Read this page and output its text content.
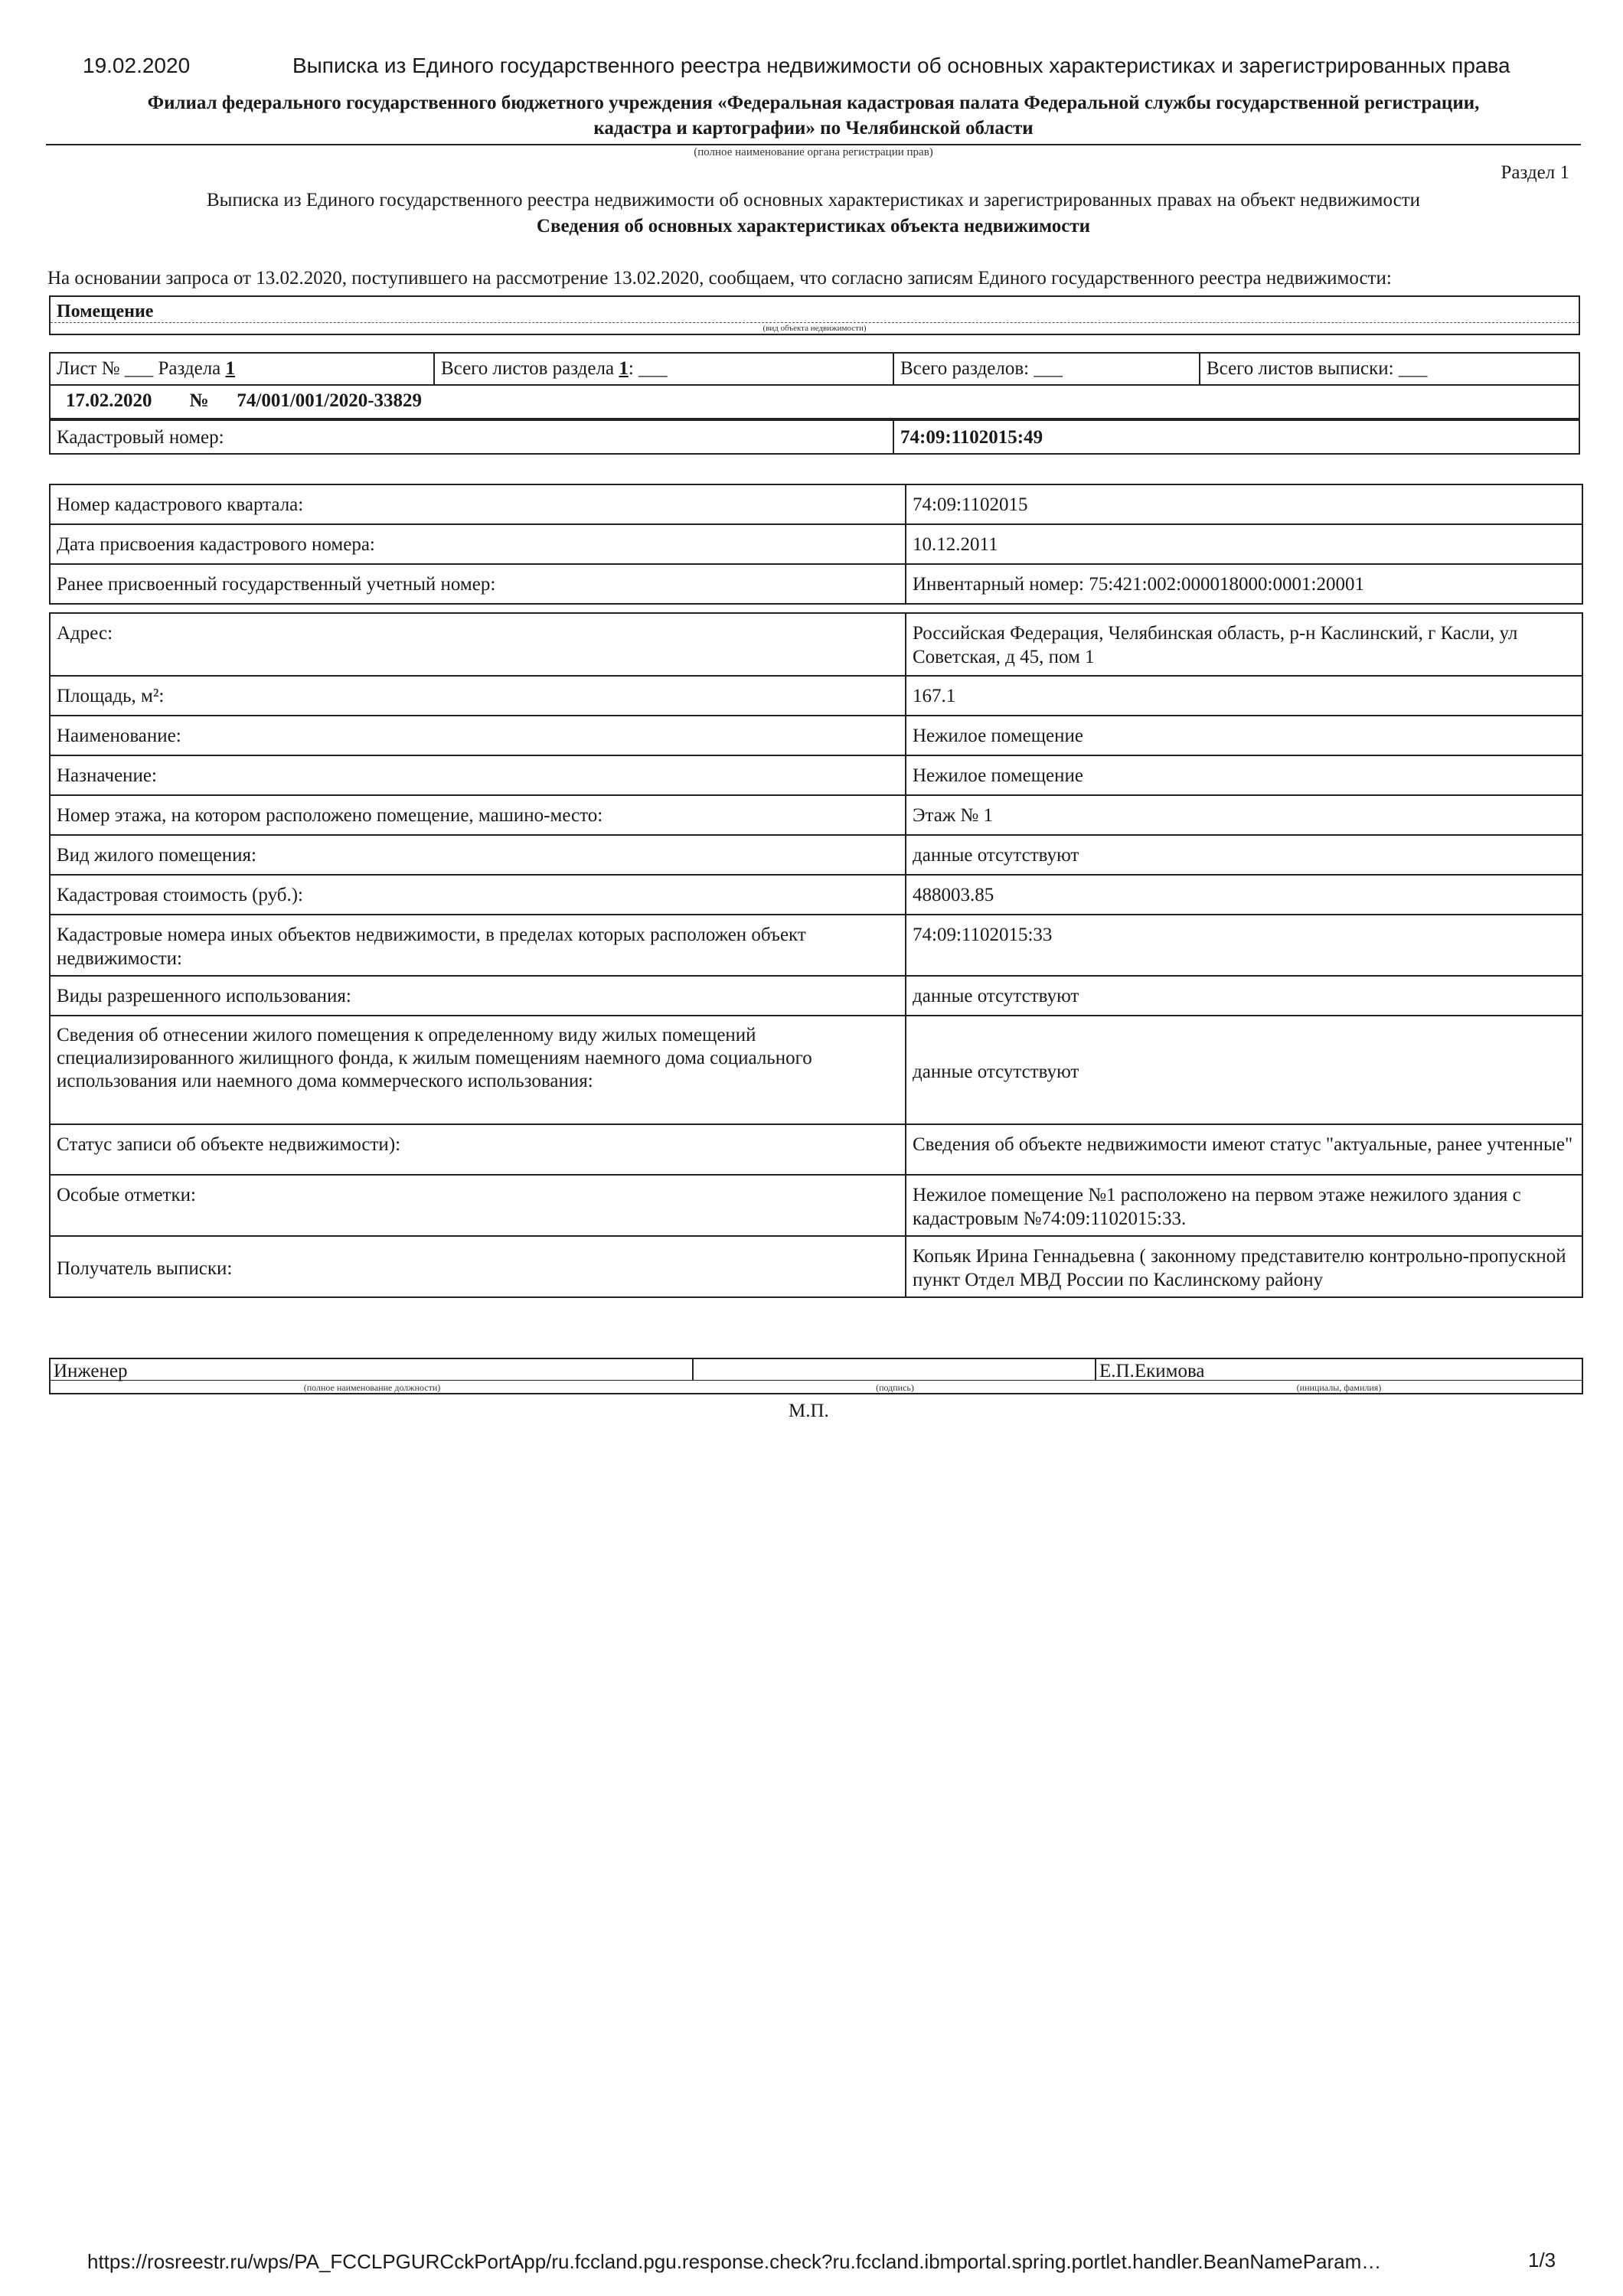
19.02.2020	Выписка из Единого государственного реестра недвижимости об основных характеристиках и зарегистрированных права
Филиал федерального государственного бюджетного учреждения «Федеральная кадастровая палата Федеральной службы государственной регистрации,
кадастра и картографии» по Челябинской области
(полное наименование органа регистрации прав)
Раздел 1
Выписка из Единого государственного реестра недвижимости об основных характеристиках и зарегистрированных правах на объект недвижимости
Сведения об основных характеристиках объекта недвижимости
На основании запроса от 13.02.2020, поступившего на рассмотрение 13.02.2020, сообщаем, что согласно записям Единого государственного реестра недвижимости:
Помещение
(вид объекта недвижимости)
Лист № ___ Раздела 1	Всего листов раздела 1: ___	Всего разделов: ___	Всего листов выписки: ___
17.02.2020 № 74/001/001/2020-33829
Кадастровый номер:	74:09:1102015:49
Номер кадастрового квартала:	74:09:1102015
Дата присвоения кадастрового номера:	10.12.2011
Ранее присвоенный государственный учетный номер:	Инвентарный номер: 75:421:002:000018000:0001:20001

Адрес:	Российская Федерация, Челябинская область, р-н Каслинский, г Касли, ул Советская, д 45, пом 1
Площадь, м²:	167.1
Наименование:	Нежилое помещение
Назначение:	Нежилое помещение
Номер этажа, на котором расположено помещение, машино-место:	Этаж № 1
Вид жилого помещения:	данные отсутствуют
Кадастровая стоимость (руб.):	488003.85
Кадастровые номера иных объектов недвижимости, в пределах которых расположен объект недвижимости:	74:09:1102015:33
Виды разрешенного использования:	данные отсутствуют
Сведения об отнесении жилого помещения к определенному виду жилых помещений специализированного жилищного фонда, к жилым помещениям наемного дома социального использования или наемного дома коммерческого использования:	данные отсутствуют
Статус записи об объекте недвижимости):	Сведения об объекте недвижимости имеют статус "актуальные, ранее учтенные"
Особые отметки:	Нежилое помещение №1 расположено на первом этаже нежилого здания с кадастровым №74:09:1102015:33.
Получатель выписки:	Копьяк Ирина Геннадьевна ( законному представителю контрольно-пропускной пункт Отдел МВД России по Каслинскому району
Инженер	Е.П.Екимова
(полное наименование должности)	(подпись)	(инициалы, фамилия)
М.П.
https://rosreestr.ru/wps/PA_FCCLPGURCckPortApp/ru.fccland.pgu.response.check?ru.fccland.ibmportal.spring.portlet.handler.BeanNameParam…	1/3
